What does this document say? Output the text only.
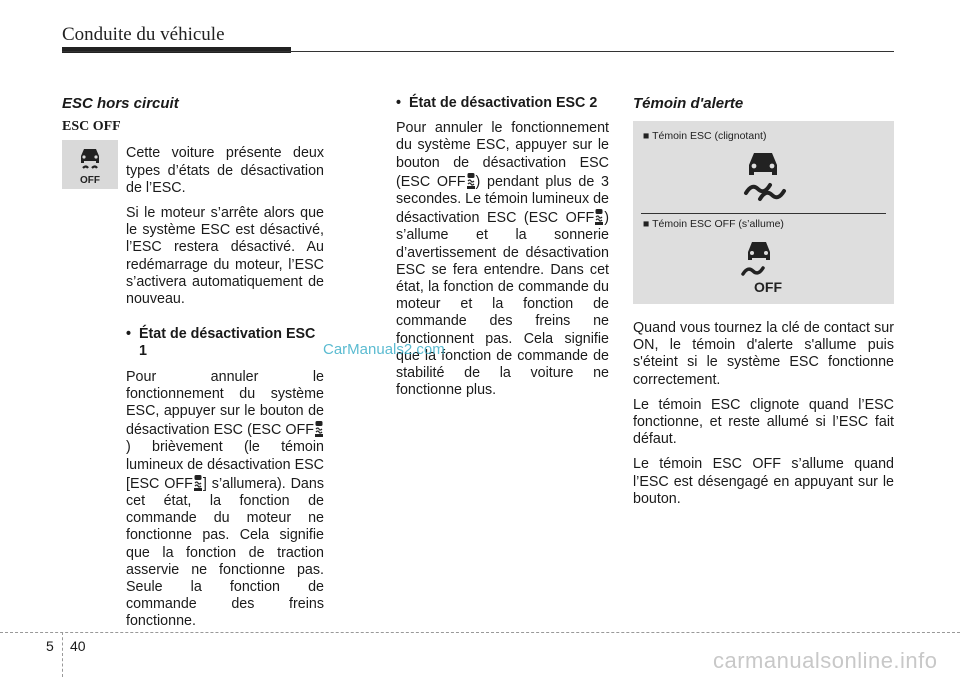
Conduite du véhicule
ESC hors circuit
ESC OFF

Cette voiture présente deux types d’états de désactivation de l’ESC.

Si le moteur s’arrête alors que le système ESC est désactivé, l’ESC restera désactivé. Au redémarrage du moteur, l’ESC s’activera automatiquement de nouveau.

• État de désactivation ESC 1

Pour annuler le fonctionnement du système ESC, appuyer sur le bouton de désactivation ESC (ESC OFF) brièvement (le témoin lumineux de désactivation ESC [ESC OFF ] s’allumera). Dans cet état, la fonction de commande du moteur ne fonctionne pas. Cela signifie que la fonction de traction asservie ne fonctionne pas. Seule la fonction de commande des freins fonctionne.

OFF
• État de désactivation ESC 2

Pour annuler le fonctionnement du système ESC, appuyer sur le bouton de désactivation ESC (ESC OFF ) pendant plus de 3 secondes. Le témoin lumineux de désactivation ESC (ESC OFF ) s’allume et la sonnerie d’avertissement de désactivation ESC se fera entendre. Dans cet état, la fonction de commande du moteur et la fonction de commande des freins ne fonctionnent pas. Cela signifie que la fonction de commande de stabilité de la voiture ne fonctionne plus.

Témoin d'alerte
■ Témoin ESC (clignotant)
■ Témoin ESC OFF (s’allume)
OFF

Quand vous tournez la clé de contact sur ON, le témoin d'alerte s'allume puis s'éteint si le système ESC fonctionne correctement.

Le témoin ESC clignote quand l’ESC fonctionne, et reste allumé si l’ESC fait défaut.

Le témoin ESC OFF s’allume quand l’ESC est désengagé en appuyant sur le bouton.

CarManuals2.com
5 40
carmanualsonline.info
